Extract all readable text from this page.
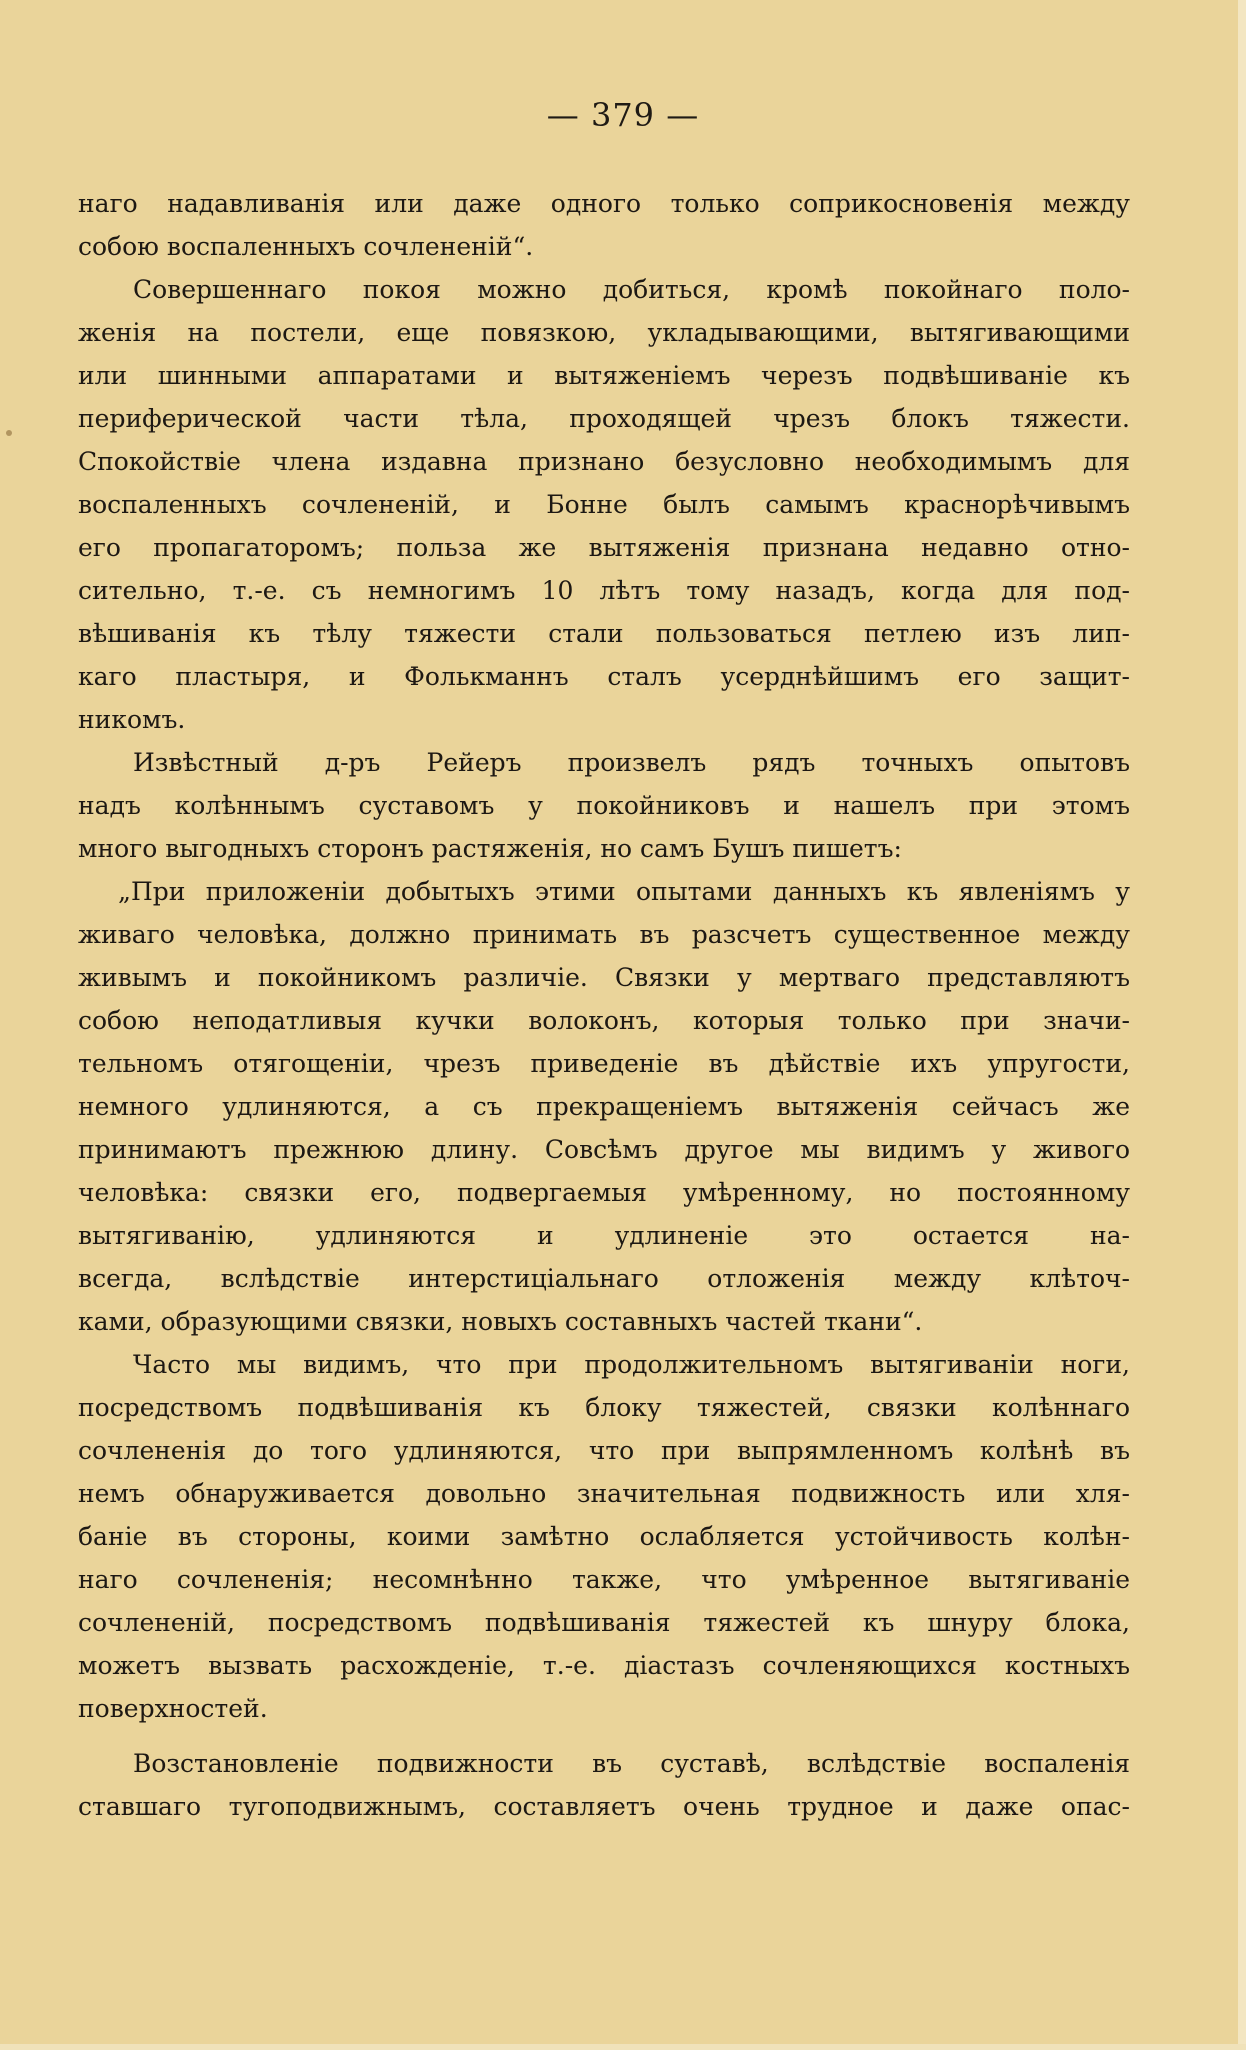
— 379 —
наго надавливанія или даже одного только соприкосновенія между
собою воспаленныхъ сочлененій“.
Совершеннаго покоя можно добиться, кромѣ покойнаго поло-
женія на постели, еще повязкою, укладывающими, вытягивающими
или шинными аппаратами и вытяженіемъ черезъ подвѣшиваніе къ
периферической части тѣла, проходящей чрезъ блокъ тяжести.
Спокойствіе члена издавна признано безусловно необходимымъ для
воспаленныхъ сочлененій, и Бонне былъ самымъ краснорѣчивымъ
его пропагаторомъ; польза же вытяженія признана недавно отно-
сительно, т.-е. съ немногимъ 10 лѣтъ тому назадъ, когда для под-
вѣшиванія къ тѣлу тяжести стали пользоваться петлею изъ лип-
каго пластыря, и Фолькманнъ сталъ усерднѣйшимъ его защит-
никомъ.
Извѣстный д-ръ Рейеръ произвелъ рядъ точныхъ опытовъ
надъ колѣннымъ суставомъ у покойниковъ и нашелъ при этомъ
много выгодныхъ сторонъ растяженія, но самъ Бушъ пишетъ:
„При приложеніи добытыхъ этими опытами данныхъ къ явленіямъ у
живаго человѣка, должно принимать въ разсчетъ существенное между
живымъ и покойникомъ различіе. Связки у мертваго представляютъ
собою неподатливыя кучки волоконъ, которыя только при значи-
тельномъ отягощеніи, чрезъ приведеніе въ дѣйствіе ихъ упругости,
немного удлиняются, а съ прекращеніемъ вытяженія сейчасъ же
принимаютъ прежнюю длину. Совсѣмъ другое мы видимъ у живого
человѣка: связки его, подвергаемыя умѣренному, но постоянному
вытягиванію, удлиняются и удлиненіе это остается на-
всегда, вслѣдствіе интерстиціальнаго отложенія между клѣточ-
ками, образующими связки, новыхъ составныхъ частей ткани“.
Часто мы видимъ, что при продолжительномъ вытягиваніи ноги,
посредствомъ подвѣшиванія къ блоку тяжестей, связки колѣннаго
сочлененія до того удлиняются, что при выпрямленномъ колѣнѣ въ
немъ обнаруживается довольно значительная подвижность или хля-
баніе въ стороны, коими замѣтно ослабляется устойчивость колѣн-
наго сочлененія; несомнѣнно также, что умѣренное вытягиваніе
сочлененій, посредствомъ подвѣшиванія тяжестей къ шнуру блока,
можетъ вызвать расхожденіе, т.-е. діастазъ сочленяющихся костныхъ
поверхностей.
Возстановленіе подвижности въ суставѣ, вслѣдствіе воспаленія
ставшаго тугоподвижнымъ, составляетъ очень трудное и даже опас-
